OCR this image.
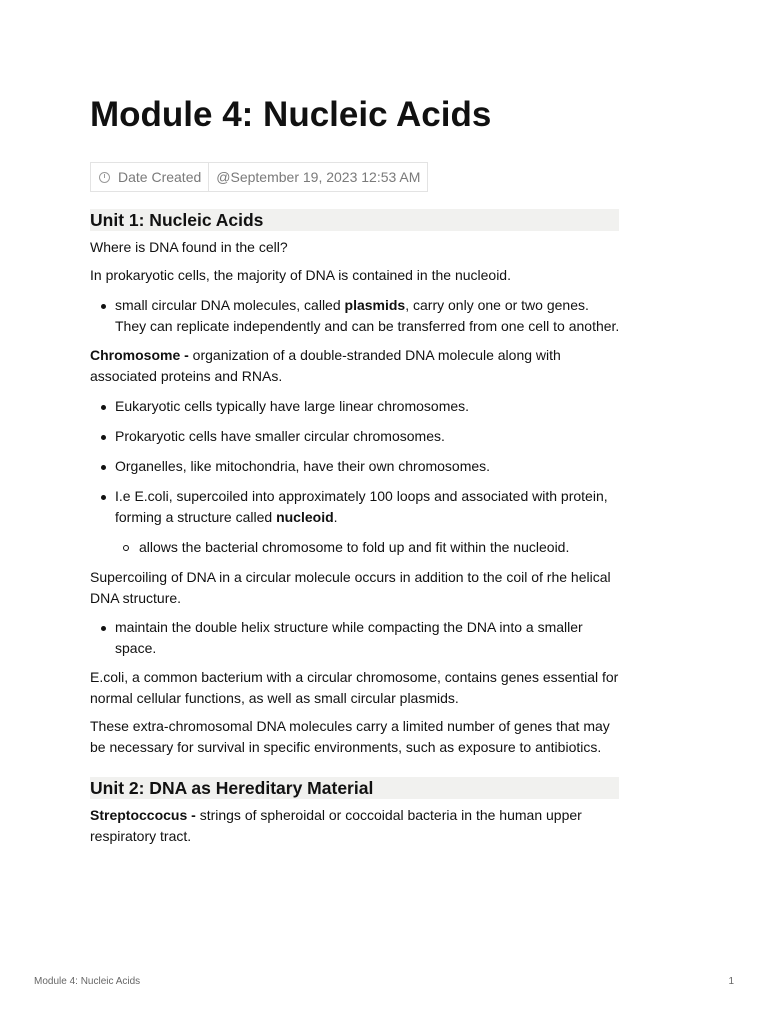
Module 4: Nucleic Acids
Date Created	@September 19, 2023 12:53 AM
Unit 1: Nucleic Acids

Where is DNA found in the cell?

In prokaryotic cells, the majority of DNA is contained in the nucleoid.

small circular DNA molecules, called plasmids, carry only one or two genes. They can replicate independently and can be transferred from one cell to another.

Chromosome - organization of a double-stranded DNA molecule along with associated proteins and RNAs.

Eukaryotic cells typically have large linear chromosomes.
Prokaryotic cells have smaller circular chromosomes.
Organelles, like mitochondria, have their own chromosomes.
I.e E.coli, supercoiled into approximately 100 loops and associated with protein, forming a structure called nucleoid.
allows the bacterial chromosome to fold up and fit within the nucleoid.

Supercoiling of DNA in a circular molecule occurs in addition to the coil of rhe helical DNA structure.

maintain the double helix structure while compacting the DNA into a smaller space.

E.coli, a common bacterium with a circular chromosome, contains genes essential for normal cellular functions, as well as small circular plasmids.

These extra-chromosomal DNA molecules carry a limited number of genes that may be necessary for survival in specific environments, such as exposure to antibiotics.

Unit 2: DNA as Hereditary Material

Streptoccocus - strings of spheroidal or coccoidal bacteria in the human upper respiratory tract.

Module 4: Nucleic Acids	1
